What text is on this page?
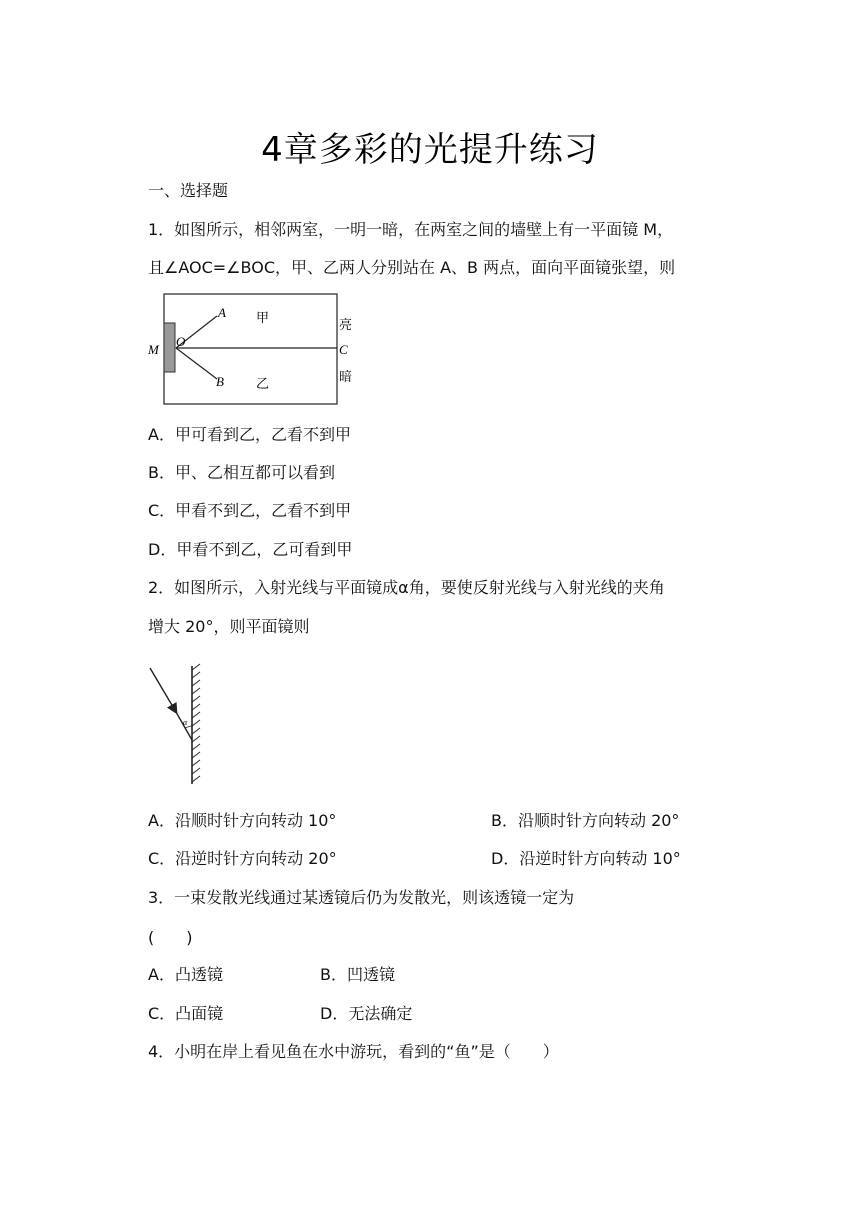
4章多彩的光提升练习
一、选择题
1．如图所示，相邻两室，一明一暗，在两室之间的墙壁上有一平面镜 M，
且∠AOC=∠BOC，甲、乙两人分别站在 A、B 两点，面向平面镜张望，则
A
B
O
M	C
甲
乙
亮
暗
A．甲可看到乙，乙看不到甲
B．甲、乙相互都可以看到
C．甲看不到乙，乙看不到甲
D．甲看不到乙，乙可看到甲
2．如图所示，入射光线与平面镜成α角，要使反射光线与入射光线的夹角
增大 20°，则平面镜则
α
A．沿顺时针方向转动 10°	B．沿顺时针方向转动 20°
C．沿逆时针方向转动 20°	D．沿逆时针方向转动 10°
3．一束发散光线通过某透镜后仍为发散光，则该透镜一定为
(　　)
A．凸透镜	B．凹透镜
C．凸面镜	D．无法确定
4．小明在岸上看见鱼在水中游玩，看到的“鱼”是（　　）
